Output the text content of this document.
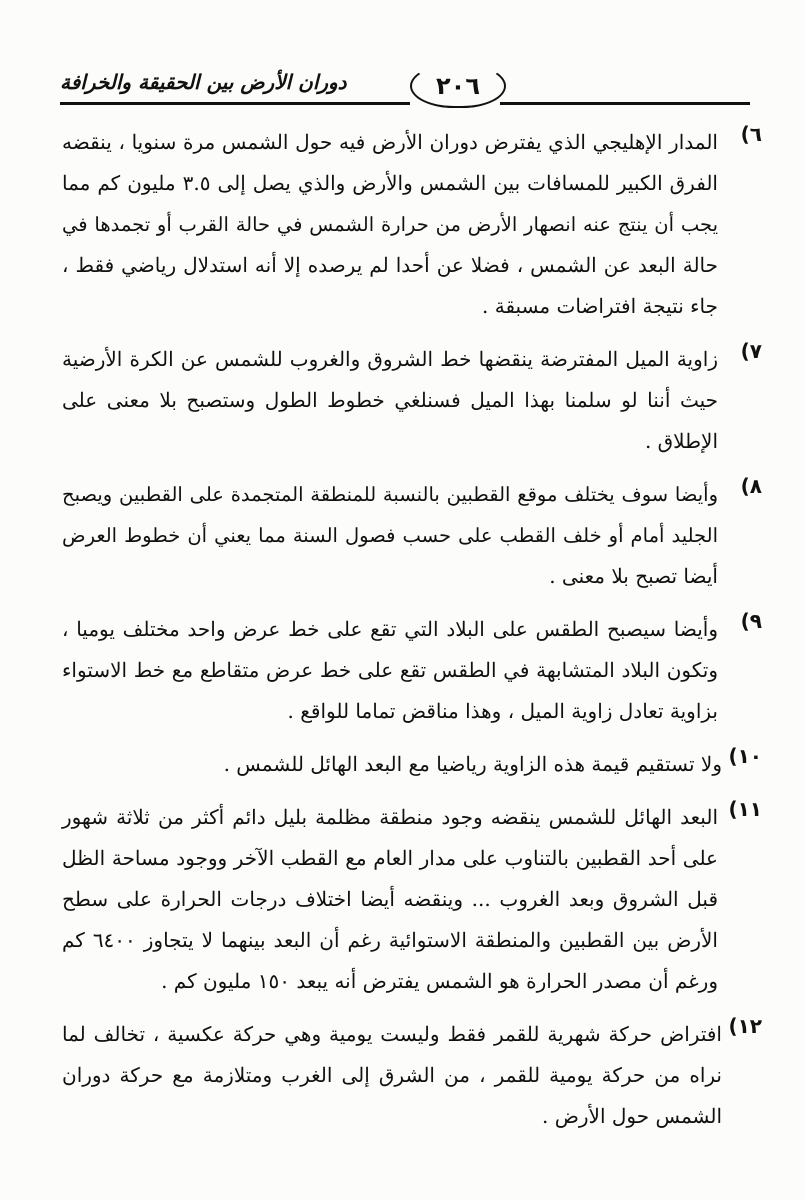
دوران الأرض بين الحقيقة والخرافة	٢٠٦
٦)
المدار الإهليجي الذي يفترض دوران الأرض فيه حول الشمس مرة سنويا ، ينقضه
الفرق الكبير للمسافات بين الشمس والأرض والذي يصل إلى ٣.٥ مليون كم مما
يجب أن ينتج عنه انصهار الأرض من حرارة الشمس في حالة القرب أو تجمدها في
حالة البعد عن الشمس ، فضلا عن أحدا لم يرصده إلا أنه استدلال رياضي فقط ،
جاء نتيجة افتراضات مسبقة .
٧)
زاوية الميل المفترضة ينقضها خط الشروق والغروب للشمس عن الكرة الأرضية
حيث أننا لو سلمنا بهذا الميل فسنلغي خطوط الطول وستصبح بلا معنى على
الإطلاق .
٨)
وأيضا سوف يختلف موقع القطبين بالنسبة للمنطقة المتجمدة على القطبين ويصبح
الجليد أمام أو خلف القطب على حسب فصول السنة مما يعني أن خطوط العرض
أيضا تصبح بلا معنى .
٩)
وأيضا سيصبح الطقس على البلاد التي تقع على خط عرض واحد مختلف يوميا ،
وتكون البلاد المتشابهة في الطقس تقع على خط عرض متقاطع مع خط الاستواء
بزاوية تعادل زاوية الميل ، وهذا مناقض تماما للواقع .
١٠)
ولا تستقيم قيمة هذه الزاوية رياضيا مع البعد الهائل للشمس .
١١)
البعد الهائل للشمس ينقضه وجود منطقة مظلمة بليل دائم أكثر من ثلاثة شهور
على أحد القطبين بالتناوب على مدار العام مع القطب الآخر ووجود مساحة الظل
قبل الشروق وبعد الغروب ... وينقضه أيضا اختلاف درجات الحرارة على سطح
الأرض بين القطبين والمنطقة الاستوائية رغم أن البعد بينهما لا يتجاوز ٦٤٠٠ كم
ورغم أن مصدر الحرارة هو الشمس يفترض أنه يبعد ١٥٠ مليون كم .
١٢)
افتراض حركة شهرية للقمر فقط وليست يومية وهي حركة عكسية ، تخالف لما
نراه من حركة يومية للقمر ، من الشرق إلى الغرب ومتلازمة مع حركة دوران
الشمس حول الأرض .
